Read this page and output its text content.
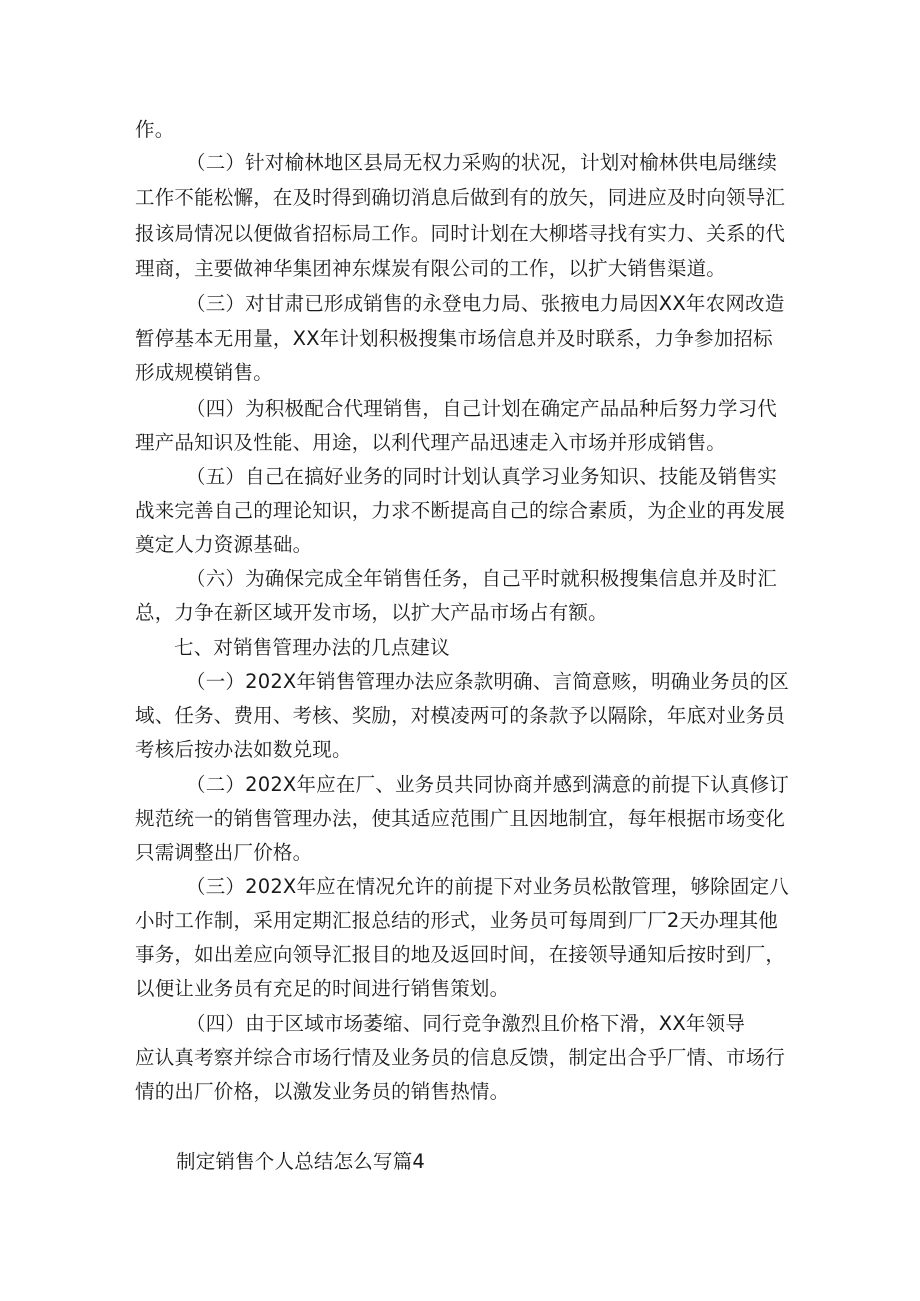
作。
（二）针对榆林地区县局无权力采购的状况，计划对榆林供电局继续
工作不能松懈，在及时得到确切消息后做到有的放矢，同进应及时向领导汇
报该局情况以便做省招标局工作。同时计划在大柳塔寻找有实力、关系的代
理商，主要做神华集团神东煤炭有限公司的工作，以扩大销售渠道。
（三）对甘肃已形成销售的永登电力局、张掖电力局因XX年农网改造
暂停基本无用量，XX年计划积极搜集市场信息并及时联系，力争参加招标
形成规模销售。
（四）为积极配合代理销售，自己计划在确定产品品种后努力学习代
理产品知识及性能、用途，以利代理产品迅速走入市场并形成销售。
（五）自己在搞好业务的同时计划认真学习业务知识、技能及销售实
战来完善自己的理论知识，力求不断提高自己的综合素质，为企业的再发展
奠定人力资源基础。
（六）为确保完成全年销售任务，自己平时就积极搜集信息并及时汇
总，力争在新区域开发市场，以扩大产品市场占有额。
七、对销售管理办法的几点建议
（一）202X年销售管理办法应条款明确、言简意赅，明确业务员的区
域、任务、费用、考核、奖励，对模凌两可的条款予以隔除，年底对业务员
考核后按办法如数兑现。
（二）202X年应在厂、业务员共同协商并感到满意的前提下认真修订
规范统一的销售管理办法，使其适应范围广且因地制宜，每年根据市场变化
只需调整出厂价格。
（三）202X年应在情况允许的前提下对业务员松散管理，够除固定八
小时工作制，采用定期汇报总结的形式，业务员可每周到厂厂2天办理其他
事务，如出差应向领导汇报目的地及返回时间，在接领导通知后按时到厂，
以便让业务员有充足的时间进行销售策划。
（四）由于区域市场萎缩、同行竞争激烈且价格下滑，XX年领导
应认真考察并综合市场行情及业务员的信息反馈，制定出合乎厂情、市场行
情的出厂价格，以激发业务员的销售热情。
制定销售个人总结怎么写篇4
